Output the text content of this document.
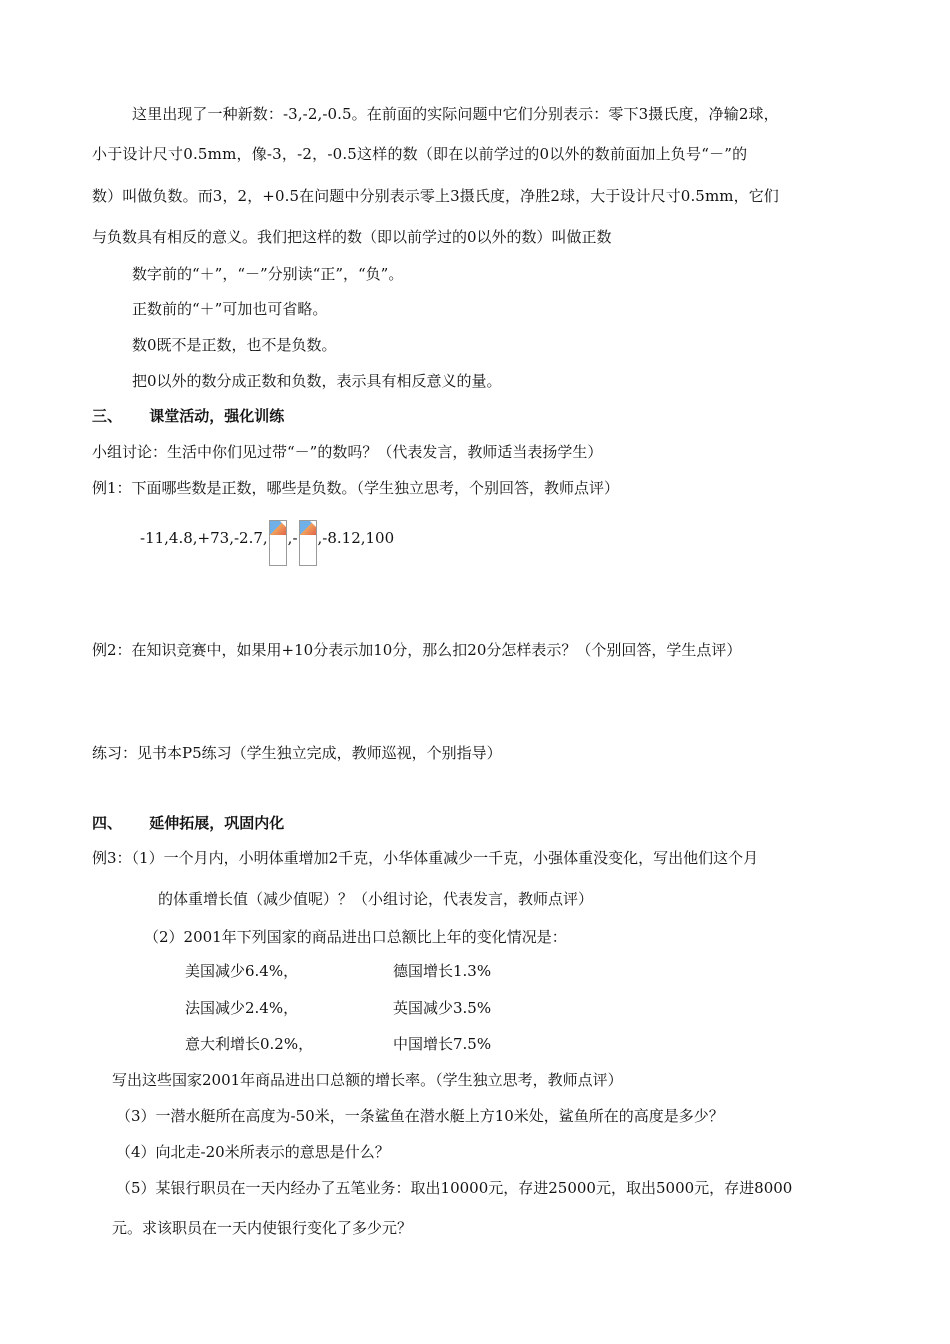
这里出现了一种新数：-3,-2,-0.5。在前面的实际问题中它们分别表示：零下3摄氏度，净输2球，
小于设计尺寸0.5mm，像-3，-2，-0.5这样的数（即在以前学过的0以外的数前面加上负号“－”的
数）叫做负数。而3，2，+0.5在问题中分别表示零上3摄氏度，净胜2球，大于设计尺寸0.5mm，它们
与负数具有相反的意义。我们把这样的数（即以前学过的0以外的数）叫做正数
数字前的“＋”，“－”分别读“正”，“负”。
正数前的“＋”可加也可省略。
数0既不是正数，也不是负数。
把0以外的数分成正数和负数，表示具有相反意义的量。
三、 课堂活动，强化训练
小组讨论：生活中你们见过带“－”的数吗？（代表发言，教师适当表扬学生）
例1：下面哪些数是正数，哪些是负数。（学生独立思考，个别回答，教师点评）
-11,4.8,+73,-2.7, ,- ,-8.12,100
例2：在知识竞赛中，如果用+10分表示加10分，那么扣20分怎样表示？（个别回答，学生点评）
练习：见书本P5练习（学生独立完成，教师巡视，个别指导）
四、 延伸拓展，巩固内化
例3：（1）一个月内，小明体重增加2千克，小华体重减少一千克，小强体重没变化，写出他们这个月
的体重增长值（减少值呢）？（小组讨论，代表发言，教师点评）
（2）2001年下列国家的商品进出口总额比上年的变化情况是：
美国减少6.4%，	德国增长1.3%
法国减少2.4%，	英国减少3.5%
意大利增长0.2%，	中国增长7.5%
写出这些国家2001年商品进出口总额的增长率。（学生独立思考，教师点评）
（3）一潜水艇所在高度为-50米，一条鲨鱼在潜水艇上方10米处，鲨鱼所在的高度是多少？
（4）向北走-20米所表示的意思是什么？
（5）某银行职员在一天内经办了五笔业务：取出10000元，存进25000元，取出5000元，存进8000
元。求该职员在一天内使银行变化了多少元？
